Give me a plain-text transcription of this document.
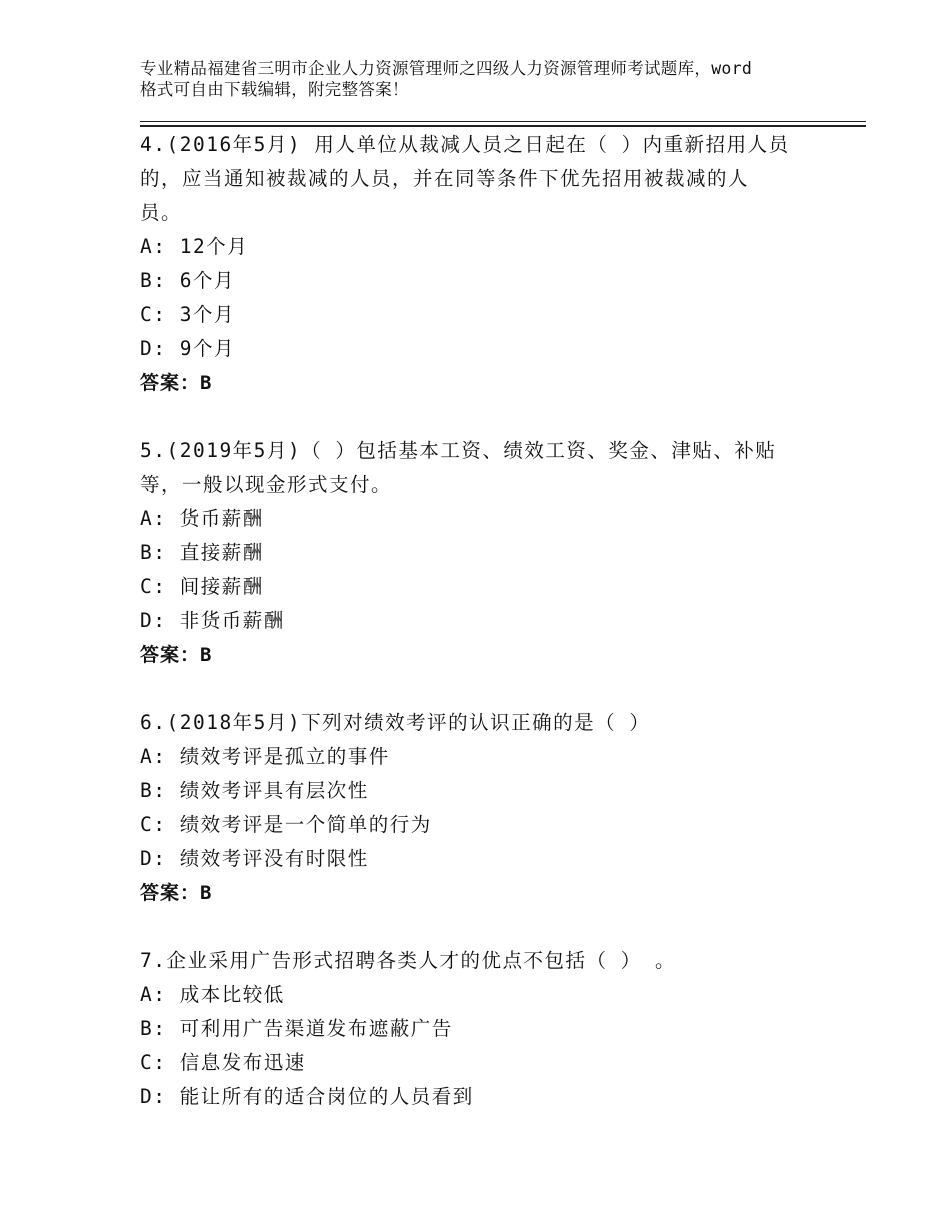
专业精品福建省三明市企业人力资源管理师之四级人力资源管理师考试题库，word
格式可自由下载编辑，附完整答案！

4.(2016年5月) 用人单位从裁减人员之日起在（ ）内重新招用人员

的，应当通知被裁减的人员，并在同等条件下优先招用被裁减的人

员。

A: 12个月

B: 6个月

C: 3个月

D: 9个月

答案：B

5.(2019年5月)（ ）包括基本工资、绩效工资、奖金、津贴、补贴

等，一般以现金形式支付。

A: 货币薪酬

B: 直接薪酬

C: 间接薪酬

D: 非货币薪酬

答案：B

6.(2018年5月)下列对绩效考评的认识正确的是（ ）

A: 绩效考评是孤立的事件

B: 绩效考评具有层次性

C: 绩效考评是一个简单的行为

D: 绩效考评没有时限性

答案：B

7.企业采用广告形式招聘各类人才的优点不包括（ ） 。

A: 成本比较低

B: 可利用广告渠道发布遮蔽广告

C: 信息发布迅速

D: 能让所有的适合岗位的人员看到
